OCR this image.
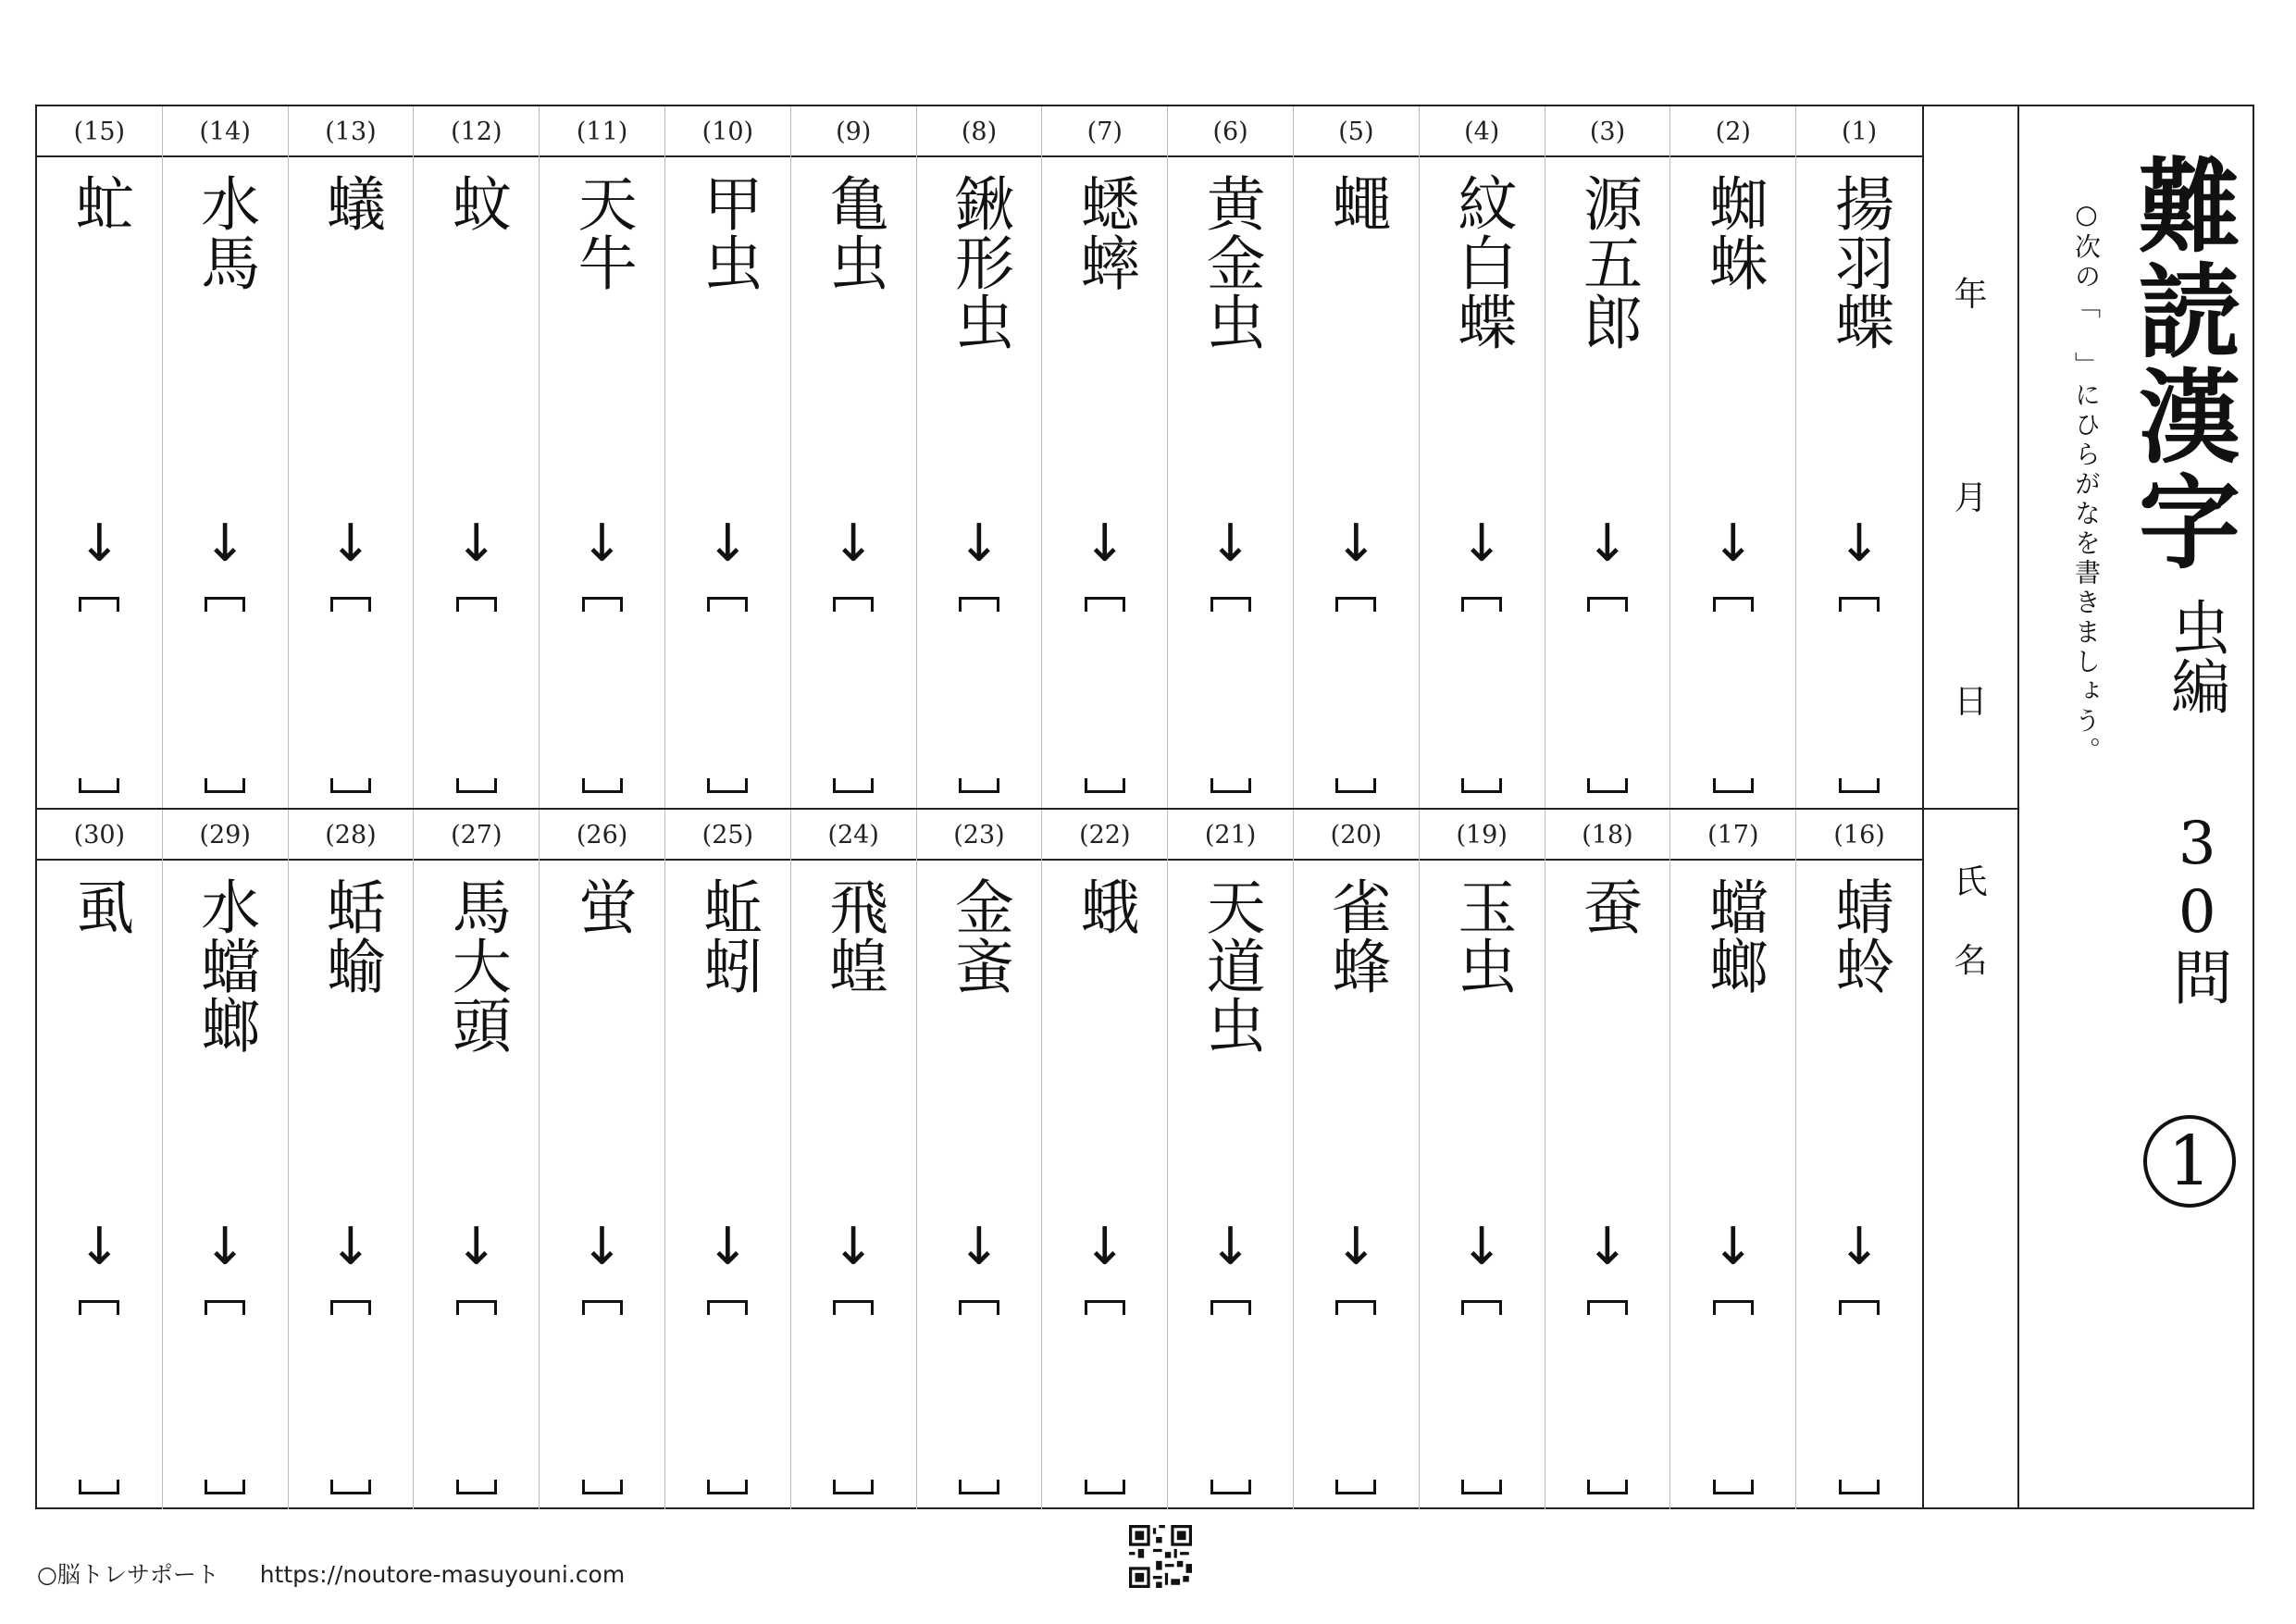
(15)
虻
↓
(14)
水馬
↓
(13)
蟻
↓
(12)
蚊
↓
(11)
天牛
↓
(10)
甲虫
↓
(9)
亀虫
↓
(8)
鍬形虫
↓
(7)
蟋蟀
↓
(6)
黄金虫
↓
(5)
蠅
↓
(4)
紋白蝶
↓
(3)
源五郎
↓
(2)
蜘蛛
↓
(1)
揚羽蝶
↓
(30)
虱
↓
(29)
水蟷螂
↓
(28)
蛞蝓
↓
(27)
馬大頭
↓
(26)
蛍
↓
(25)
蚯蚓
↓
(24)
飛蝗
↓
(23)
金蚉
↓
(22)
蛾
↓
(21)
天道虫
↓
(20)
雀蜂
↓
(19)
玉虫
↓
(18)
蚕
↓
(17)
蟷螂
↓
(16)
蜻蛉
↓
年
月
日
氏
名
○次の「　」にひらがなを書きましょう。 難読漢字
虫編
30問
1
○脳トレサポート https://noutore-masuyouni.com
